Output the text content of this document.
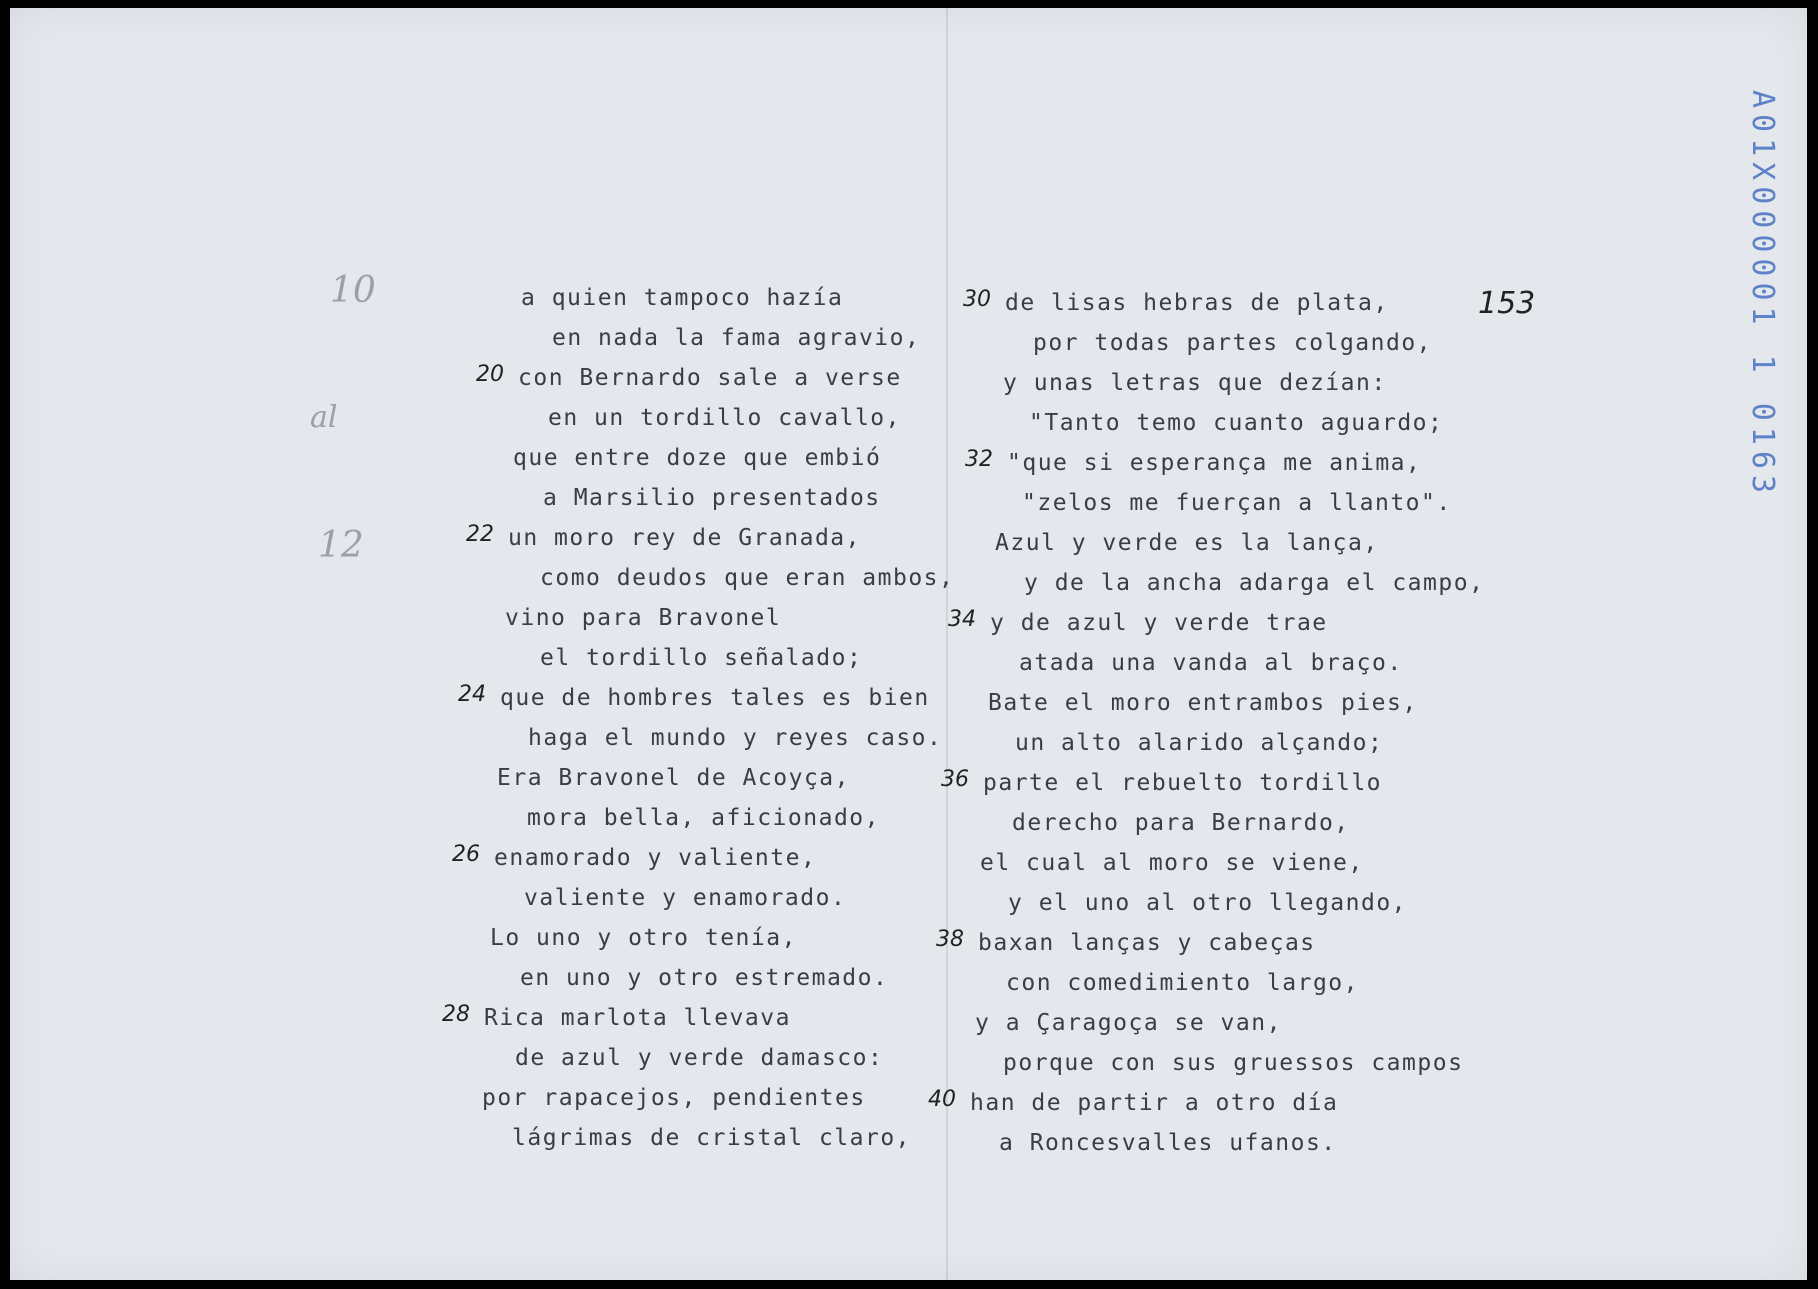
10
al
12
153	A01X000001 1 0163
a quien tampoco hazía
en nada la fama agravio,
con Bernardo sale a verse
20
en un tordillo cavallo,
que entre doze que embió
a Marsilio presentados
un moro rey de Granada,
22
como deudos que eran ambos,
vino para Bravonel
el tordillo señalado;
que de hombres tales es bien
24
haga el mundo y reyes caso.
Era Bravonel de Acoyça,
mora bella, aficionado,
enamorado y valiente,
26
valiente y enamorado.
Lo uno y otro tenía,
en uno y otro estremado.
Rica marlota llevava
28
de azul y verde damasco:
por rapacejos, pendientes
lágrimas de cristal claro,
de lisas hebras de plata,
30
por todas partes colgando,
y unas letras que dezían:
"Tanto temo cuanto aguardo;
"que si esperança me anima,
32
"zelos me fuerçan a llanto".
Azul y verde es la lança,
y de la ancha adarga el campo,
y de azul y verde trae
34
atada una vanda al braço.
Bate el moro entrambos pies,
un alto alarido alçando;
parte el rebuelto tordillo
36
derecho para Bernardo,
el cual al moro se viene,
y el uno al otro llegando,
baxan lanças y cabeças
38
con comedimiento largo,
y a Çaragoça se van,
porque con sus gruessos campos
han de partir a otro día
40
a Roncesvalles ufanos.
